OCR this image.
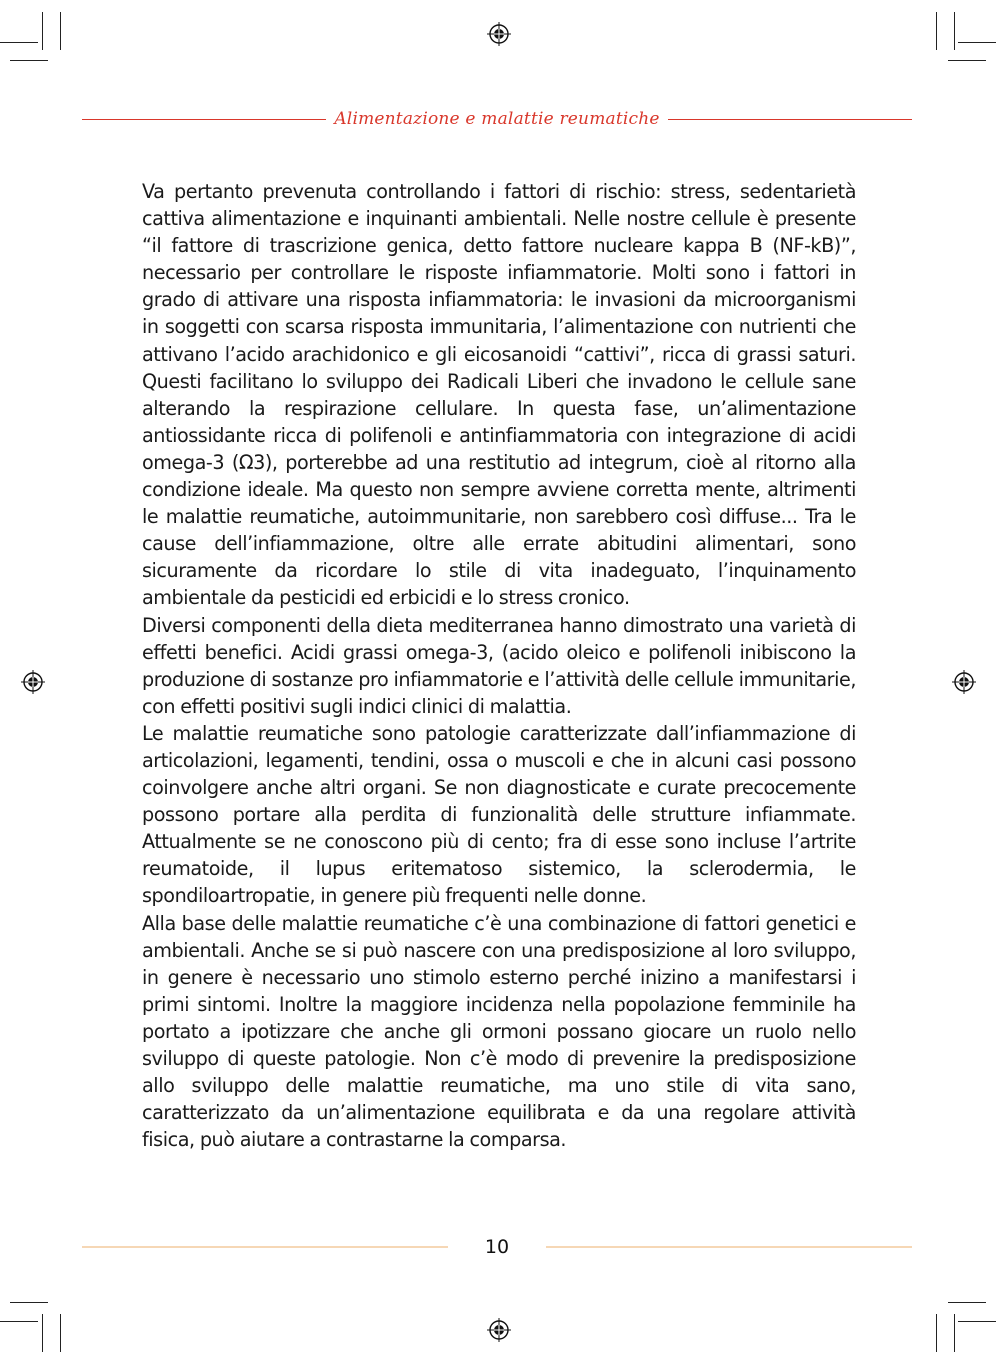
Alimentazione e malattie reumatiche

Va pertanto prevenuta controllando i fattori di rischio: stress, sedentarietà cattiva alimentazione e inquinanti ambientali. Nelle nostre cellule è presente “il fattore di trascrizione genica, detto fattore nucleare kappa B (NF-kB)”, necessario per controllare le risposte infiammatorie. Molti sono i fattori in grado di attivare una risposta infiammatoria: le invasioni da microorganismi in soggetti con scarsa risposta immunitaria, l’alimentazione con nutrienti che attivano l’acido arachidonico e gli eicosanoidi “cattivi”, ricca di grassi saturi. Questi facilitano lo sviluppo dei Radicali Liberi che invadono le cellule sane alterando la respirazione cellulare. In questa fase, un’alimentazione antiossidante ricca di polifenoli e antinfiammatoria con integrazione di acidi omega-3 (Ω3), porterebbe ad una restitutio ad integrum, cioè al ritorno alla condizione ideale. Ma questo non sempre avviene corretta mente, altrimenti le malattie reumatiche, autoimmunitarie, non sarebbero così diffuse... Tra le cause dell’infiammazione, oltre alle errate abitudini alimentari, sono sicuramente da ricordare lo stile di vita inadeguato, l’inquinamento ambientale da pesticidi ed erbicidi e lo stress cronico.

Diversi componenti della dieta mediterranea hanno dimostrato una varietà di effetti benefici. Acidi grassi omega-3, (acido oleico e polifenoli inibiscono la produzione di sostanze pro infiammatorie e l’attività delle cellule immunitarie, con effetti positivi sugli indici clinici di malattia.

Le malattie reumatiche sono patologie caratterizzate dall’infiammazione di articolazioni, legamenti, tendini, ossa o muscoli e che in alcuni casi possono coinvolgere anche altri organi. Se non diagnosticate e curate precocemente possono portare alla perdita di funzionalità delle strutture infiammate. Attualmente se ne conoscono più di cento; fra di esse sono incluse l’artrite reumatoide, il lupus eritematoso sistemico, la sclerodermia, le spondiloartropatie, in genere più frequenti nelle donne.

Alla base delle malattie reumatiche c’è una combinazione di fattori genetici e ambientali. Anche se si può nascere con una predisposizione al loro sviluppo, in genere è necessario uno stimolo esterno perché inizino a manifestarsi i primi sintomi. Inoltre la maggiore incidenza nella popolazione femminile ha portato a ipotizzare che anche gli ormoni possano giocare un ruolo nello sviluppo di queste patologie. Non c’è modo di prevenire la predisposizione allo sviluppo delle malattie reumatiche, ma uno stile di vita sano, caratterizzato da un’alimentazione equilibrata e da una regolare attività fisica, può aiutare a contrastarne la comparsa.

10
